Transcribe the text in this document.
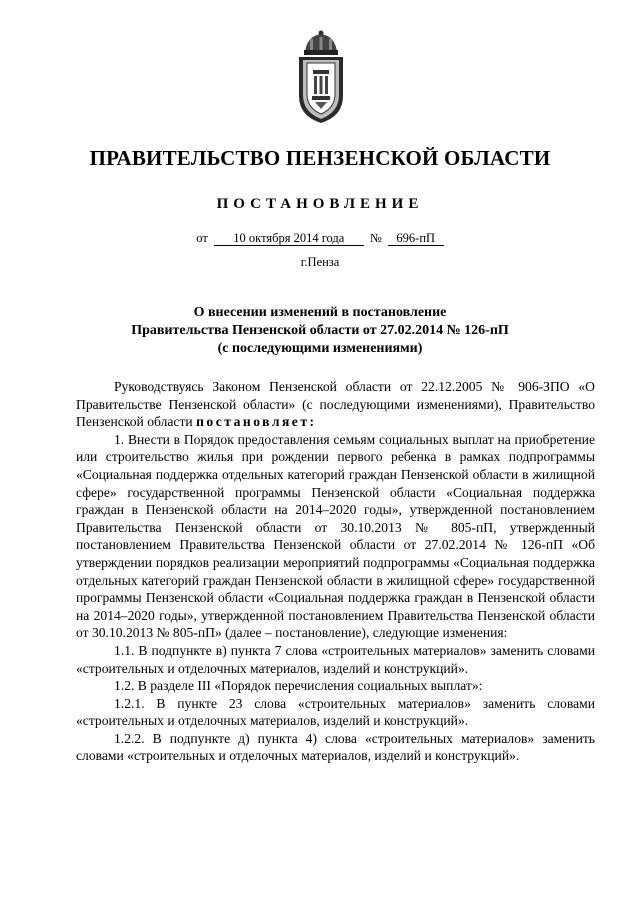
ПРАВИТЕЛЬСТВО ПЕНЗЕНСКОЙ ОБЛАСТИ
ПОСТАНОВЛЕНИЕ
от 10 октября 2014 года № 696-пП
г.Пенза
О внесении изменений в постановление
Правительства Пензенской области от 27.02.2014 № 126-пП
(с последующими изменениями)

Руководствуясь Законом Пензенской области от 22.12.2005 № 906-ЗПО «О Правительстве Пензенской области» (с последующими изменениями), Правительство Пензенской области постановляет:

1. Внести в Порядок предоставления семьям социальных выплат на приобретение или строительство жилья при рождении первого ребенка в рамках подпрограммы «Социальная поддержка отдельных категорий граждан Пензенской области в жилищной сфере» государственной программы Пензенской области «Социальная поддержка граждан в Пензенской области на 2014–2020 годы», утвержденной постановлением Правительства Пензенской области от 30.10.2013 № 805-пП, утвержденный постановлением Правительства Пензенской области от 27.02.2014 № 126-пП «Об утверждении порядков реализации мероприятий подпрограммы «Социальная поддержка отдельных категорий граждан Пензенской области в жилищной сфере» государственной программы Пензенской области «Социальная поддержка граждан в Пензенской области на 2014–2020 годы», утвержденной постановлением Правительства Пензенской области от 30.10.2013 № 805-пП» (далее – постановление), следующие изменения:

1.1. В подпункте в) пункта 7 слова «строительных материалов» заменить словами «строительных и отделочных материалов, изделий и конструкций».

1.2. В разделе III «Порядок перечисления социальных выплат»:

1.2.1. В пункте 23 слова «строительных материалов» заменить словами «строительных и отделочных материалов, изделий и конструкций».

1.2.2. В подпункте д) пункта 4) слова «строительных материалов» заменить словами «строительных и отделочных материалов, изделий и конструкций».
